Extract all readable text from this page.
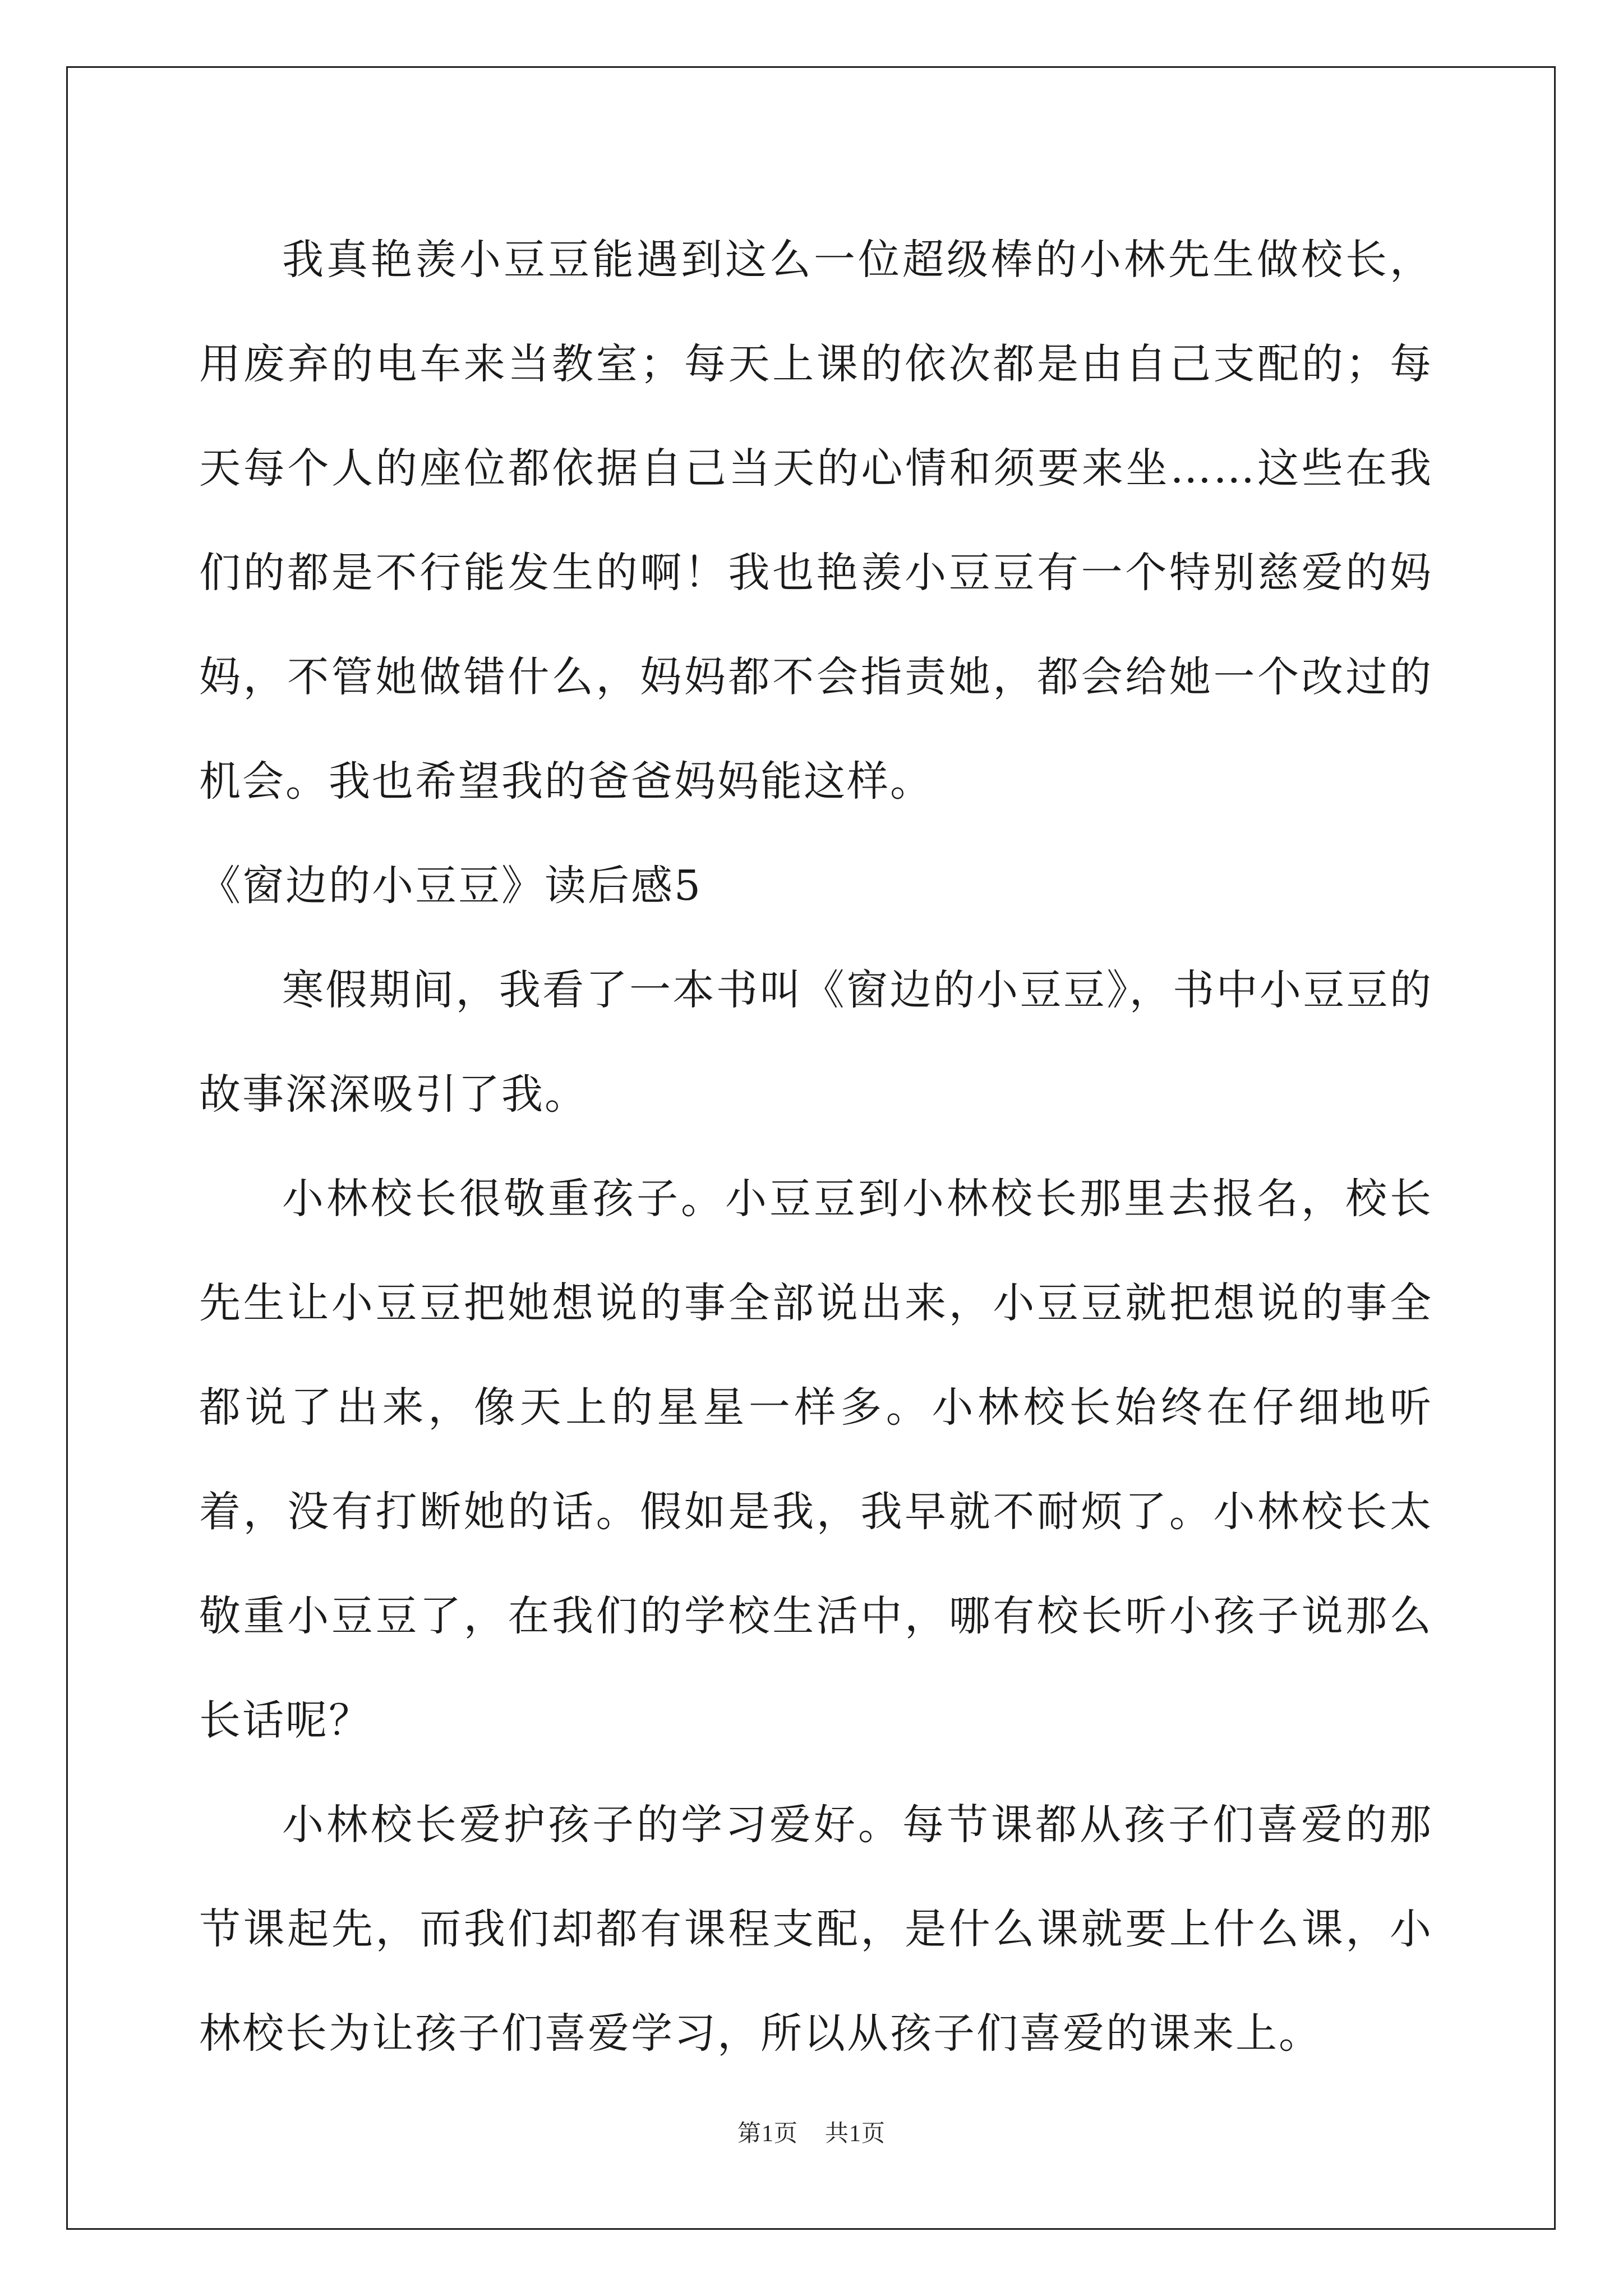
我真艳羡小豆豆能遇到这么一位超级棒的小林先生做校长，用废弃的电车来当教室；每天上课的依次都是由自己支配的；每天每个人的座位都依据自己当天的心情和须要来坐……这些在我们的都是不行能发生的啊！我也艳羡小豆豆有一个特别慈爱的妈妈，不管她做错什么，妈妈都不会指责她，都会给她一个改过的机会。我也希望我的爸爸妈妈能这样。

《窗边的小豆豆》读后感5

寒假期间，我看了一本书叫《窗边的小豆豆》，书中小豆豆的故事深深吸引了我。

小林校长很敬重孩子。小豆豆到小林校长那里去报名，校长先生让小豆豆把她想说的事全部说出来，小豆豆就把想说的事全都说了出来，像天上的星星一样多。小林校长始终在仔细地听着，没有打断她的话。假如是我，我早就不耐烦了。小林校长太敬重小豆豆了，在我们的学校生活中，哪有校长听小孩子说那么长话呢？

小林校长爱护孩子的学习爱好。每节课都从孩子们喜爱的那节课起先，而我们却都有课程支配，是什么课就要上什么课，小林校长为让孩子们喜爱学习，所以从孩子们喜爱的课来上。

第1页 共1页
